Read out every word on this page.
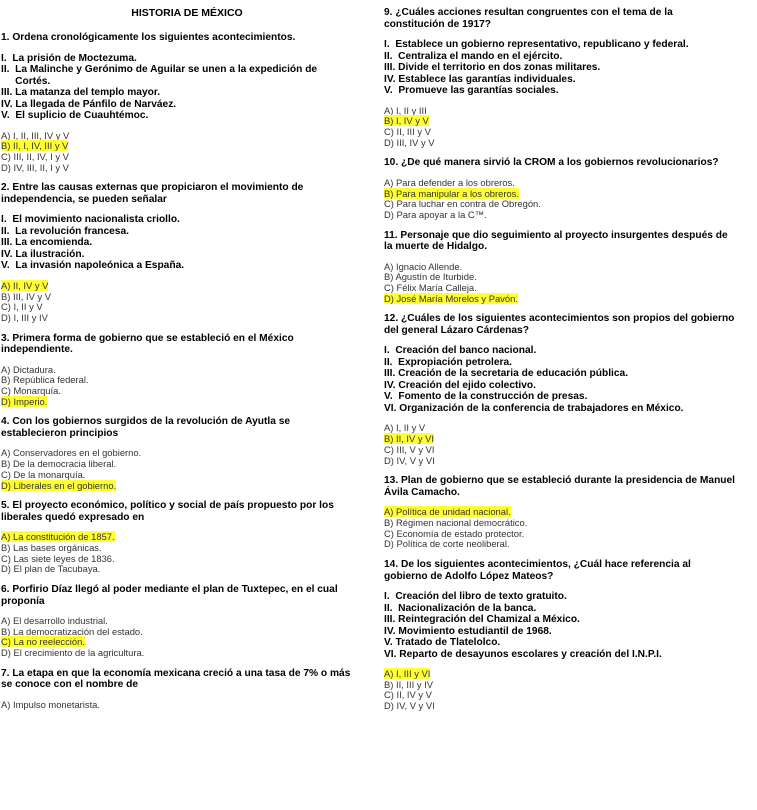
HISTORIA DE MÉXICO
1. Ordena cronológicamente los siguientes acontecimientos.
I.  La prisión de Moctezuma.
II.  La Malinche y Gerónimo de Aguilar se unen a la expedición de
Cortés.
III. La matanza del templo mayor.
IV. La llegada de Pánfilo de Narváez.
V.  El suplicio de Cuauhtémoc.
A) I, II, III, IV y V
B) II, I, IV, III y V
C) III, II, IV, I y V
D) IV, III, II, I y V
2. Entre las causas externas que propiciaron el movimiento de
independencia, se pueden señalar
I.  El movimiento nacionalista criollo.
II.  La revolución francesa.
III. La encomienda.
IV. La ilustración.
V.  La invasión napoleónica a España.
A) II, IV y V
B) III, IV y V
C) I, II y V
D) I, III y IV
3. Primera forma de gobierno que se estableció en el México
independiente.
A) Dictadura.
B) República federal.
C) Monarquía.
D) Imperio.
4. Con los gobiernos surgidos de la revolución de Ayutla se
establecieron principios
A) Conservadores en el gobierno.
B) De la democracia liberal.
C) De la monarquía.
D) Liberales en el gobierno.
5. El proyecto económico, político y social de país propuesto por los
liberales quedó expresado en
A) La constitución de 1857.
B) Las bases orgánicas.
C) Las siete leyes de 1836.
D) El plan de Tacubaya.
6. Porfirio Díaz llegó al poder mediante el plan de Tuxtepec, en el cual
proponía
A) El desarrollo industrial.
B) La democratización del estado.
C) La no reelección.
D) El crecimiento de la agricultura.
7. La etapa en que la economía mexicana creció a una tasa de 7% o más
se conoce con el nombre de
A) Impulso monetarista.
9. ¿Cuáles acciones resultan congruentes con el tema de la
constitución de 1917?
I.  Establece un gobierno representativo, republicano y federal.
II.  Centraliza el mando en el ejército.
III. Divide el territorio en dos zonas militares.
IV. Establece las garantías individuales.
V.  Promueve las garantías sociales.
A) I, II y III
B) I, IV y V
C) II, III y V
D) III, IV y V
10. ¿De qué manera sirvió la CROM a los gobiernos revolucionarios?
A) Para defender a los obreros.
B) Para manipular a los obreros.
C) Para luchar en contra de Obregón.
D) Para apoyar a la C™.
11. Personaje que dio seguimiento al proyecto insurgentes después de
la muerte de Hidalgo.
A) Ignacio Allende.
B) Agustín de Iturbide.
C) Félix María Calleja.
D) José María Morelos y Pavón.
12. ¿Cuáles de los siguientes acontecimientos son propios del gobierno
del general Lázaro Cárdenas?
I.  Creación del banco nacional.
II.  Expropiación petrolera.
III. Creación de la secretaria de educación pública.
IV. Creación del ejido colectivo.
V.  Fomento de la construcción de presas.
VI. Organización de la conferencia de trabajadores en México.
A) I, II y V
B) II, IV y VI
C) III, V y VI
D) IV, V y VI
13. Plan de gobierno que se estableció durante la presidencia de Manuel
Ávila Camacho.
A) Política de unidad nacional.
B) Régimen nacional democrático.
C) Economía de estado protector.
D) Política de corte neoliberal.
14. De los siguientes acontecimientos, ¿Cuál hace referencia al
gobierno de Adolfo López Mateos?
I.  Creación del libro de texto gratuito.
II.  Nacionalización de la banca.
III. Reintegración del Chamizal a México.
IV. Movimiento estudiantil de 1968.
V. Tratado de Tlatelolco.
VI. Reparto de desayunos escolares y creación del I.N.P.I.
A) I, III y VI
B) II, III y IV
C) II, IV y V
D) IV, V y VI
